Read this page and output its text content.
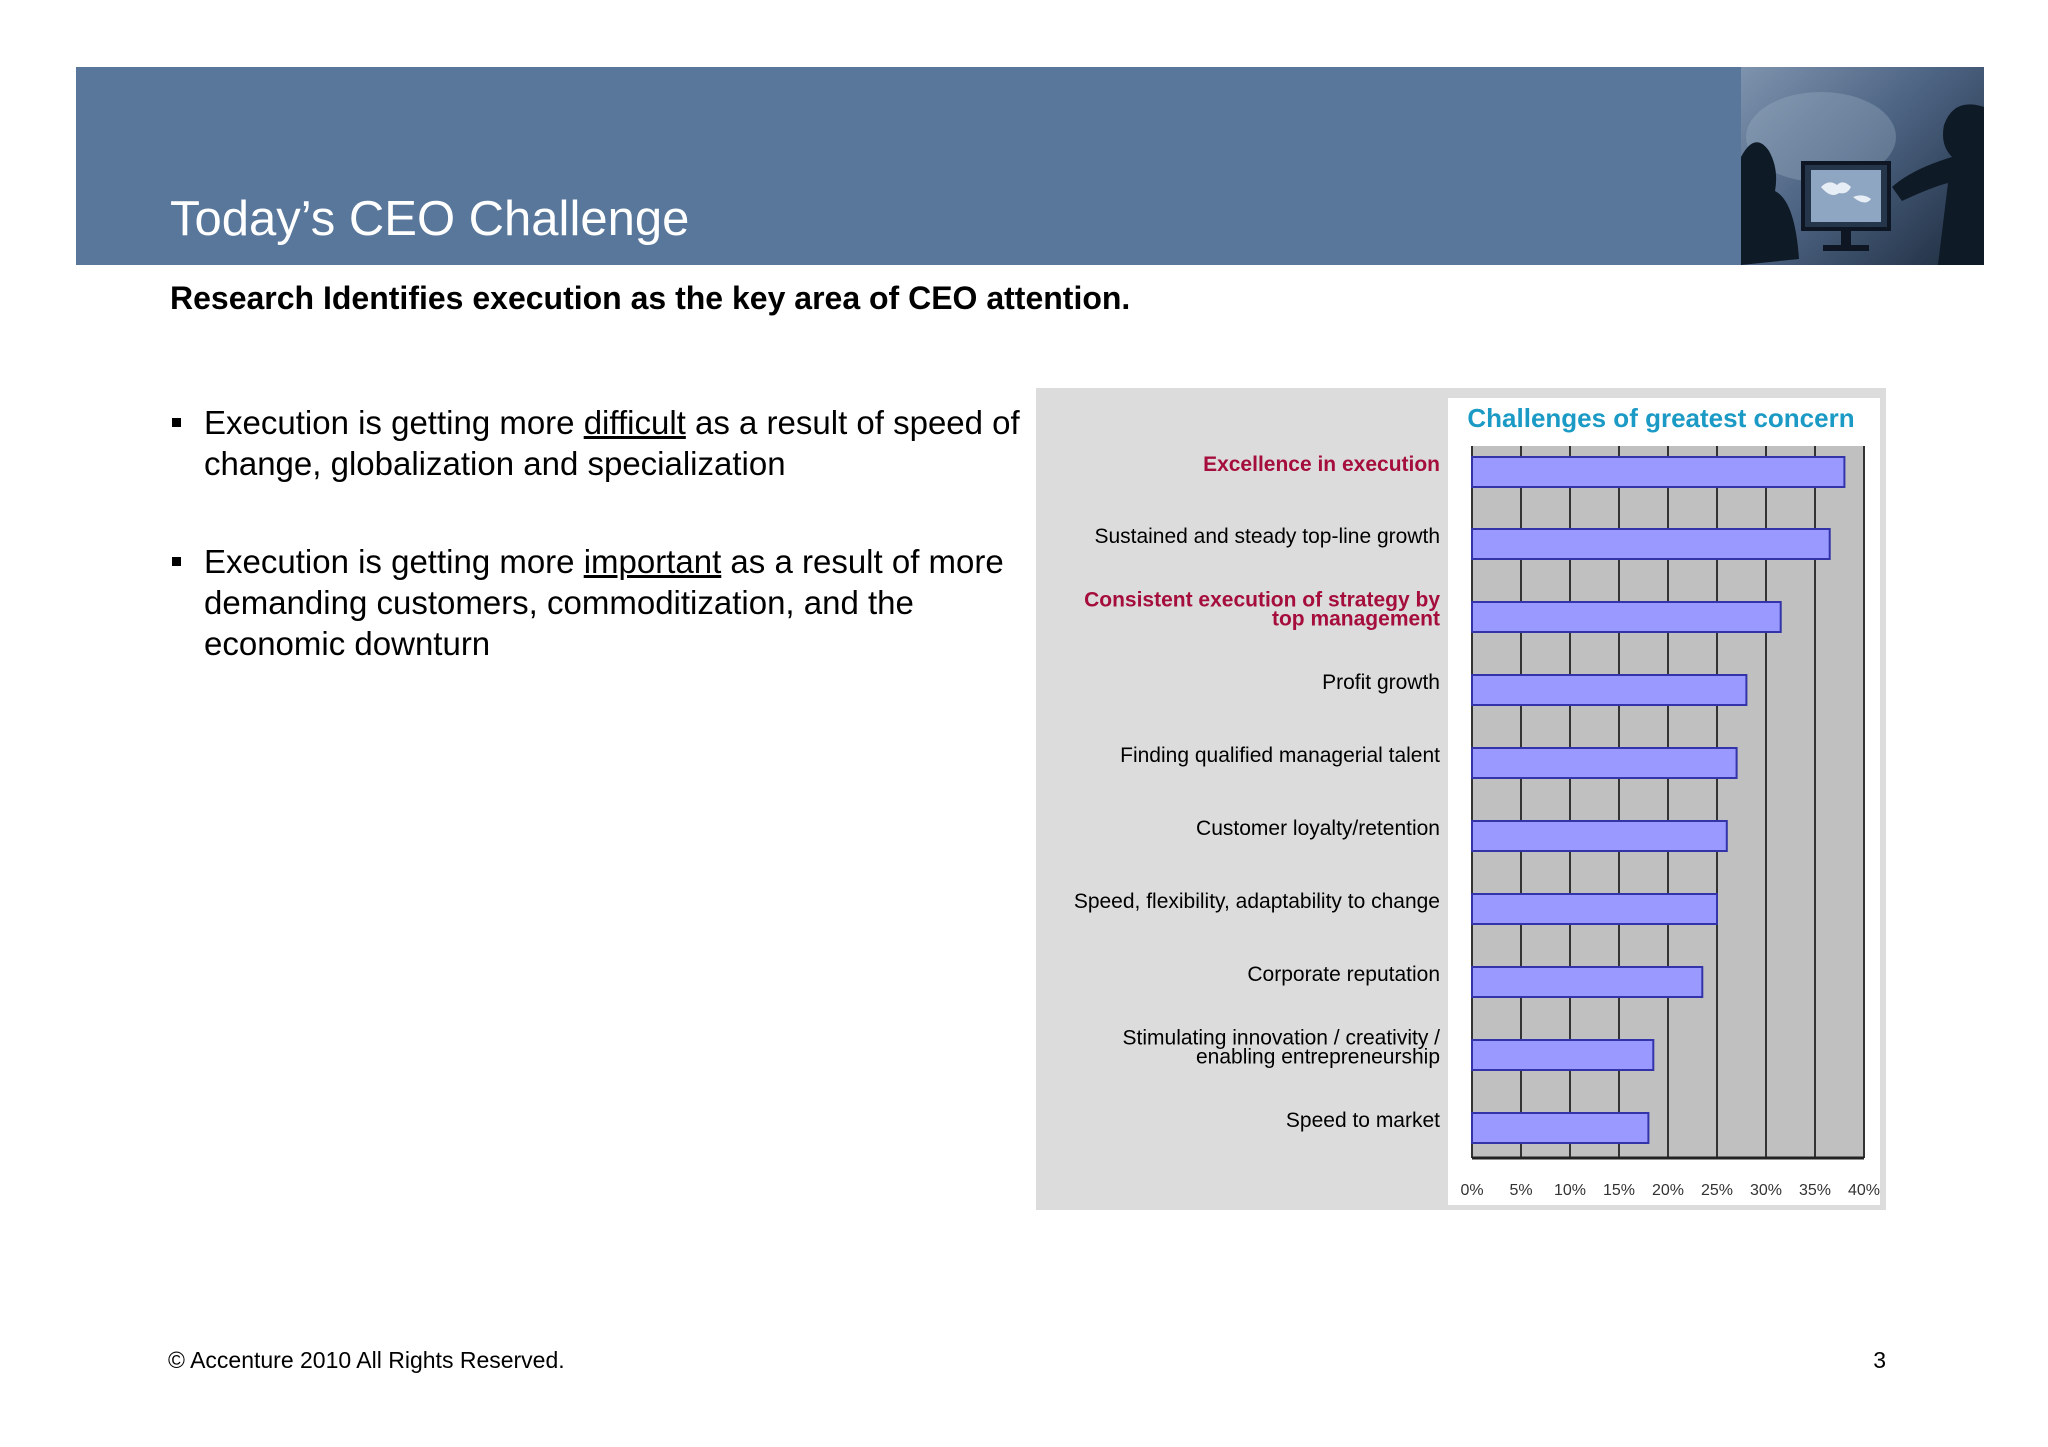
Today’s CEO Challenge
Research Identifies execution as the key area of CEO attention.
Execution is getting more difficult as a result of speed of change, globalization and specialization
Execution is getting more important as a result of more demanding customers, commoditization, and the economic downturn
Excellence in execution
Sustained and steady top-line growth
Consistent execution of strategy by
top management
Profit growth
Finding qualified managerial talent
Customer loyalty/retention
Speed, flexibility, adaptability to change
Corporate reputation
Stimulating innovation / creativity /
enabling entrepreneurship
Speed to market
0% 5% 10% 15% 20% 25% 30% 35% 40%
Challenges of greatest concern
© Accenture 2010 All Rights Reserved.	3
